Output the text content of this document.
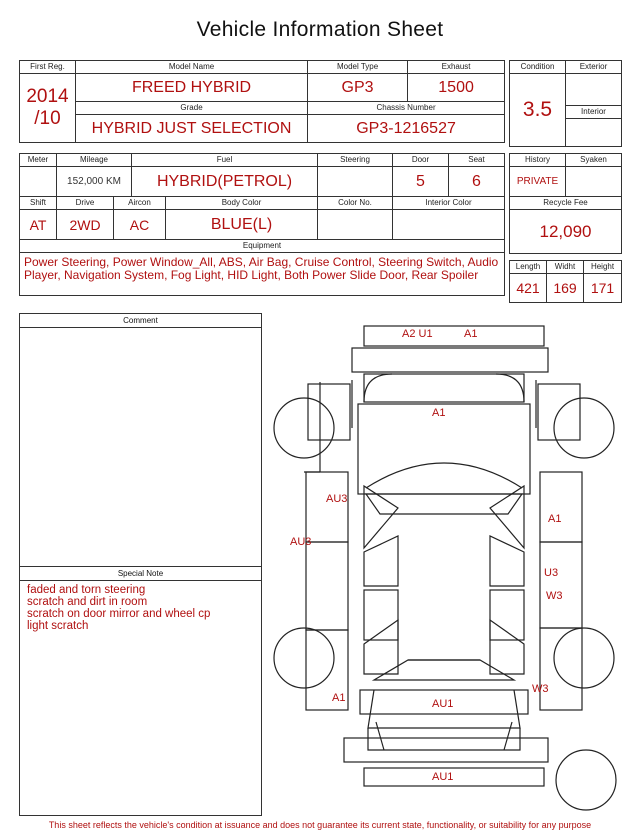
Vehicle Information Sheet
First Reg.	Model Name	Model Type	Exhaust

2014
/10	FREED HYBRID	GP3	1500
	Grade	Chassis Number	
	HYBRID JUST SELECTION	GP3-1216527	
Meter	Mileage		Fuel		Steering	Door	Seat
	152,000 KM		HYBRID(PETROL)			5	6
Shift	Drive	Aircon		Body Color	Color No.	Interior Color	
AT	2WD	AC		BLUE(L)			
Equipment							
Power Steering, Power Window_All, ABS, Air Bag, Cruise Control, Steering Switch, Audio Player, Navigation System, Fog Light, HID Light, Both Power Slide Door, Rear Spoiler							
Condition	Exterior
3.5	
	Interior

History	Syaken
PRIVATE	
Recycle Fee	
12,090	
Length	Widht	Height
421	169	171
Comment
Special Note
faded and torn steering
scratch and dirt in room
scratch on door mirror and wheel cp
light scratch
A2 U1	A1
A1
AU3
AU3
A1
U3
W3
A1	AU1
W3
AU1
This sheet reflects the vehicle's condition at issuance and does not guarantee its current state, functionality, or suitability for any purpose
